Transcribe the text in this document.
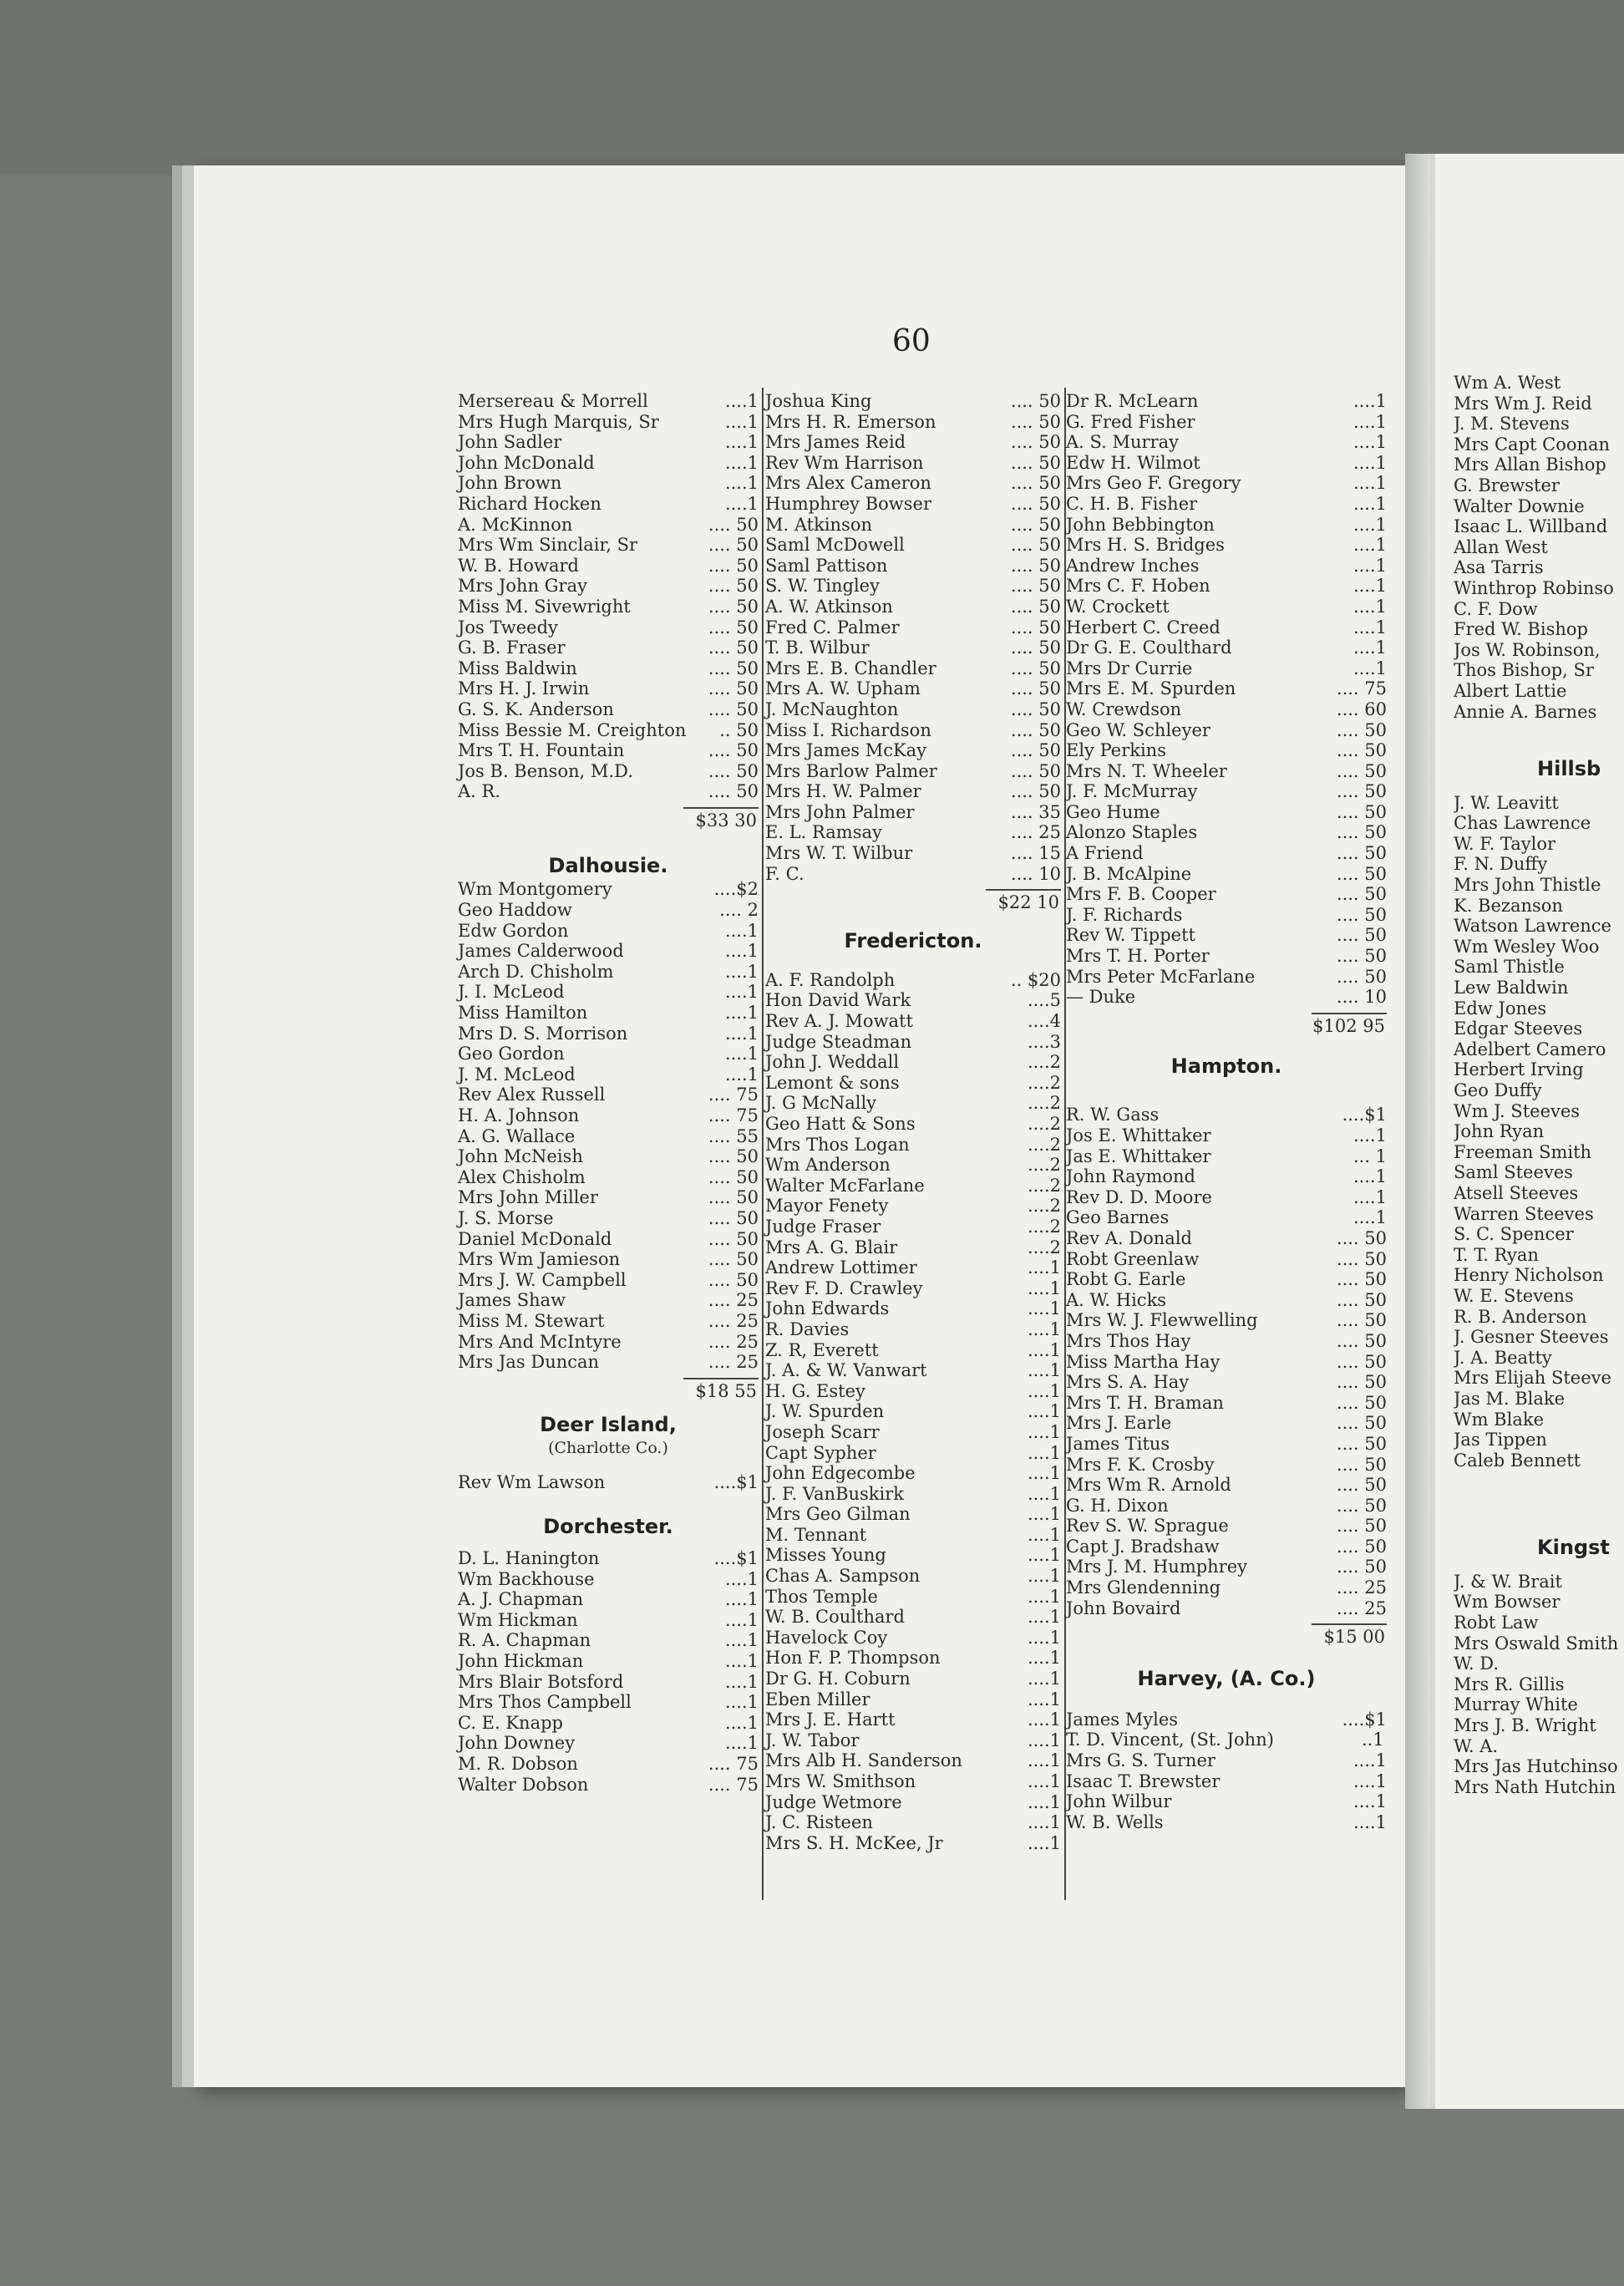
60
Mersereau & Morrell	....1
Mrs Hugh Marquis, Sr	....1
John Sadler	....1
John McDonald	....1
John Brown	....1
Richard Hocken	....1
A. McKinnon	.... 50
Mrs Wm Sinclair, Sr	.... 50
W. B. Howard	.... 50
Mrs John Gray	.... 50
Miss M. Sivewright	.... 50
Jos Tweedy	.... 50
G. B. Fraser	.... 50
Miss Baldwin	.... 50
Mrs H. J. Irwin	.... 50
G. S. K. Anderson	.... 50
Miss Bessie M. Creighton .. 50
Mrs T. H. Fountain	.... 50
Jos B. Benson, M.D.	.... 50
A. R.	.... 50
$33 30
Dalhousie.
Wm Montgomery	....$2
Geo Haddow	.... 2
Edw Gordon	....1
James Calderwood	....1
Arch D. Chisholm	....1
J. I. McLeod	....1
Miss Hamilton	....1
Mrs D. S. Morrison	....1
Geo Gordon	....1
J. M. McLeod	....1
Rev Alex Russell	.... 75
H. A. Johnson	.... 75
A. G. Wallace	.... 55
John McNeish	.... 50
Alex Chisholm	.... 50
Mrs John Miller	.... 50
J. S. Morse	.... 50
Daniel McDonald	.... 50
Mrs Wm Jamieson	.... 50
Mrs J. W. Campbell	.... 50
James Shaw	.... 25
Miss M. Stewart	.... 25
Mrs And McIntyre	.... 25
Mrs Jas Duncan	.... 25
$18 55
Deer Island,
(Charlotte Co.)
Rev Wm Lawson	....$1
Dorchester.
D. L. Hanington	....$1
Wm Backhouse	....1
A. J. Chapman	....1
Wm Hickman	....1
R. A. Chapman	....1
John Hickman	....1
Mrs Blair Botsford	....1
Mrs Thos Campbell	....1
C. E. Knapp	....1
John Downey	....1
M. R. Dobson	.... 75
Walter Dobson	.... 75
Joshua King	.... 50
Mrs H. R. Emerson	.... 50
Mrs James Reid	.... 50
Rev Wm Harrison	.... 50
Mrs Alex Cameron	.... 50
Humphrey Bowser	.... 50
M. Atkinson	.... 50
Saml McDowell	.... 50
Saml Pattison	.... 50
S. W. Tingley	.... 50
A. W. Atkinson	.... 50
Fred C. Palmer	.... 50
T. B. Wilbur	.... 50
Mrs E. B. Chandler	.... 50
Mrs A. W. Upham	.... 50
J. McNaughton	.... 50
Miss I. Richardson	.... 50
Mrs James McKay	.... 50
Mrs Barlow Palmer	.... 50
Mrs H. W. Palmer	.... 50
Mrs John Palmer	.... 35
E. L. Ramsay	.... 25
Mrs W. T. Wilbur	.... 15
F. C.	.... 10
$22 10
Fredericton.
A. F. Randolph	.. $20
Hon David Wark	....5
Rev A. J. Mowatt	....4
Judge Steadman	....3
John J. Weddall	....2
Lemont & sons	....2
J. G McNally	....2
Geo Hatt & Sons	....2
Mrs Thos Logan	....2
Wm Anderson	....2
Walter McFarlane	....2
Mayor Fenety	....2
Judge Fraser	....2
Mrs A. G. Blair	....2
Andrew Lottimer	....1
Rev F. D. Crawley	....1
John Edwards	....1
R. Davies	....1
Z. R, Everett	....1
J. A. & W. Vanwart	....1
H. G. Estey	....1
J. W. Spurden	....1
Joseph Scarr	....1
Capt Sypher	....1
John Edgecombe	....1
J. F. VanBuskirk	....1
Mrs Geo Gilman	....1
M. Tennant	....1
Misses Young	....1
Chas A. Sampson	....1
Thos Temple	....1
W. B. Coulthard	....1
Havelock Coy	....1
Hon F. P. Thompson	....1
Dr G. H. Coburn	....1
Eben Miller	....1
Mrs J. E. Hartt	....1
J. W. Tabor	....1
Mrs Alb H. Sanderson	....1
Mrs W. Smithson	....1
Judge Wetmore	....1
J. C. Risteen	....1
Mrs S. H. McKee, Jr	....1
Dr R. McLearn	....1
G. Fred Fisher	....1
A. S. Murray	....1
Edw H. Wilmot	....1
Mrs Geo F. Gregory	....1
C. H. B. Fisher	....1
John Bebbington	....1
Mrs H. S. Bridges	....1
Andrew Inches	....1
Mrs C. F. Hoben	....1
W. Crockett	....1
Herbert C. Creed	....1
Dr G. E. Coulthard	....1
Mrs Dr Currie	....1
Mrs E. M. Spurden	.... 75
W. Crewdson	.... 60
Geo W. Schleyer	.... 50
Ely Perkins	.... 50
Mrs N. T. Wheeler	.... 50
J. F. McMurray	.... 50
Geo Hume	.... 50
Alonzo Staples	.... 50
A Friend	.... 50
J. B. McAlpine	.... 50
Mrs F. B. Cooper	.... 50
J. F. Richards	.... 50
Rev W. Tippett	.... 50
Mrs T. H. Porter	.... 50
Mrs Peter McFarlane	.... 50
— Duke	.... 10
$102 95
Hampton.
R. W. Gass	....$1
Jos E. Whittaker	....1
Jas E. Whittaker	... 1
John Raymond	....1
Rev D. D. Moore	....1
Geo Barnes	....1
Rev A. Donald	.... 50
Robt Greenlaw	.... 50
Robt G. Earle	.... 50
A. W. Hicks	.... 50
Mrs W. J. Flewwelling	.... 50
Mrs Thos Hay	.... 50
Miss Martha Hay	.... 50
Mrs S. A. Hay	.... 50
Mrs T. H. Braman	.... 50
Mrs J. Earle	.... 50
James Titus	.... 50
Mrs F. K. Crosby	.... 50
Mrs Wm R. Arnold	.... 50
G. H. Dixon	.... 50
Rev S. W. Sprague	.... 50
Capt J. Bradshaw	.... 50
Mrs J. M. Humphrey	.... 50
Mrs Glendenning	.... 25
John Bovaird	.... 25
$15 00
Harvey, (A. Co.)
James Myles	....$1
T. D. Vincent, (St. John)	..1
Mrs G. S. Turner	....1
Isaac T. Brewster	....1
John Wilbur	....1
W. B. Wells	....1
Wm A. West
Mrs Wm J. Reid
J. M. Stevens
Mrs Capt Coonan
Mrs Allan Bishop
G. Brewster
Walter Downie
Isaac L. Willband
Allan West
Asa Tarris
Winthrop Robinso
C. F. Dow
Fred W. Bishop
Jos W. Robinson,
Thos Bishop, Sr
Albert Lattie
Annie A. Barnes
Hillsb
J. W. Leavitt
Chas Lawrence
W. F. Taylor
F. N. Duffy
Mrs John Thistle
K. Bezanson
Watson Lawrence
Wm Wesley Woo
Saml Thistle
Lew Baldwin
Edw Jones
Edgar Steeves
Adelbert Camero
Herbert Irving
Geo Duffy
Wm J. Steeves
John Ryan
Freeman Smith
Saml Steeves
Atsell Steeves
Warren Steeves
S. C. Spencer
T. T. Ryan
Henry Nicholson
W. E. Stevens
R. B. Anderson
J. Gesner Steeves
J. A. Beatty
Mrs Elijah Steeve
Jas M. Blake
Wm Blake
Jas Tippen
Caleb Bennett
Kingst
J. & W. Brait
Wm Bowser
Robt Law
Mrs Oswald Smith
W. D.
Mrs R. Gillis
Murray White
Mrs J. B. Wright
W. A.
Mrs Jas Hutchinso
Mrs Nath Hutchin
